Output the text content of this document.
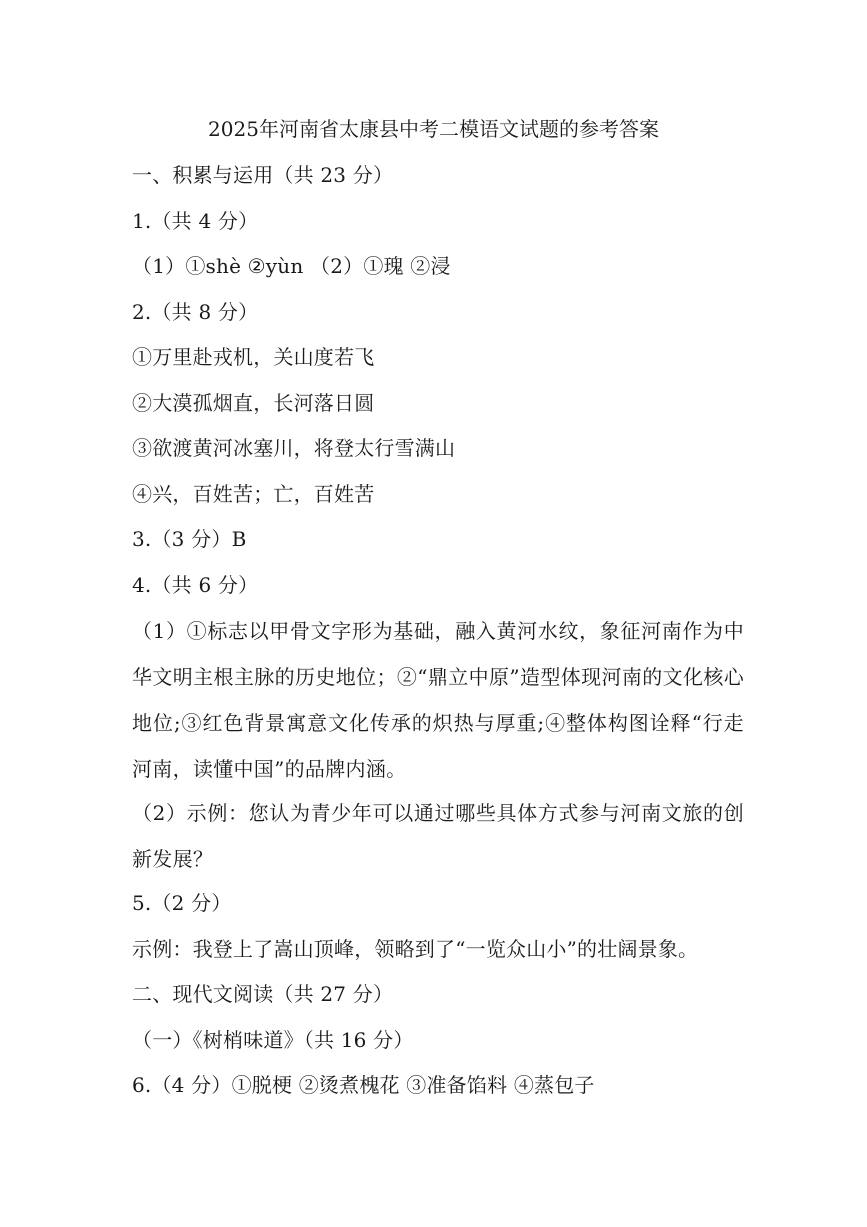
2025年河南省太康县中考二模语文试题的参考答案
一、积累与运用（共 23 分）
1.（共 4 分）
（1）①shè ②yùn （2）①瑰 ②浸
2.（共 8 分）
①万里赴戎机，关山度若飞
②大漠孤烟直，长河落日圆
③欲渡黄河冰塞川，将登太行雪满山
④兴，百姓苦；亡，百姓苦
3.（3 分）B
4.（共 6 分）
（1）①标志以甲骨文字形为基础，融入黄河水纹，象征河南作为中华文明主根主脉的历史地位；②“鼎立中原”造型体现河南的文化核心地位;③红色背景寓意文化传承的炽热与厚重;④整体构图诠释“行走河南，读懂中国”的品牌内涵。
（2）示例：您认为青少年可以通过哪些具体方式参与河南文旅的创新发展？
5.（2 分）
示例：我登上了嵩山顶峰，领略到了“一览众山小”的壮阔景象。
二、现代文阅读（共 27 分）
（一）《树梢味道》（共 16 分）
6.（4 分）①脱梗 ②烫煮槐花 ③准备馅料 ④蒸包子
